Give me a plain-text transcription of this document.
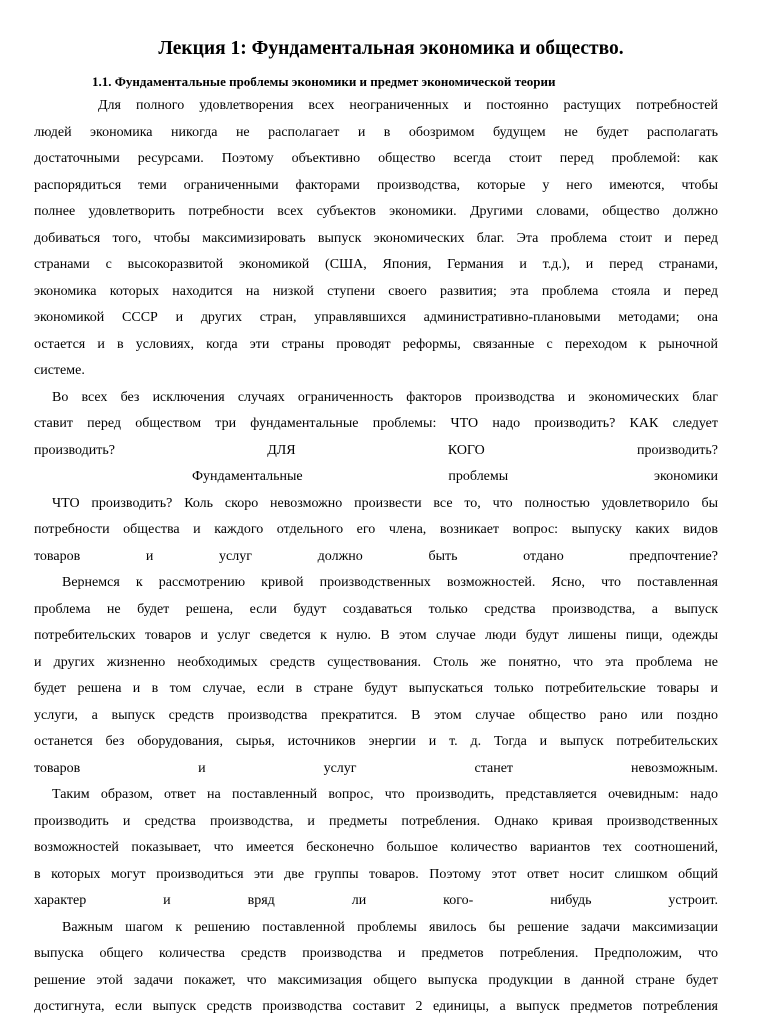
Лекция 1: Фундаментальная экономика и общество.
1.1. Фундаментальные проблемы экономики и предмет экономической теории
Для полного удовлетворения всех неограниченных и постоянно растущих потребностей
людей экономика никогда не располагает и в обозримом будущем не будет располагать
достаточными ресурсами. Поэтому объективно общество всегда стоит перед проблемой: как
распорядиться теми ограниченными факторами производства, которые у него имеются, чтобы
полнее удовлетворить потребности всех субъектов экономики. Другими словами, общество должно
добиваться того, чтобы максимизировать выпуск экономических благ. Эта проблема стоит и перед
странами с высокоразвитой экономикой (США, Япония, Германия и т.д.), и перед странами,
экономика которых находится на низкой ступени своего развития; эта проблема стояла и перед
экономикой СССР и других стран, управлявшихся административно-плановыми методами; она
остается и в условиях, когда эти страны проводят реформы, связанные с переходом к рыночной
системе.
Во всех без исключения случаях ограниченность факторов производства и экономических благ
ставит перед обществом три фундаментальные проблемы: ЧТО надо производить? КАК следует
производить? ДЛЯ КОГО производить?
Фундаментальные проблемы экономики
ЧТО производить? Коль скоро невозможно произвести все то, что полностью удовлетворило бы
потребности общества и каждого отдельного его члена, возникает вопрос: выпуску каких видов
товаров и услуг должно быть отдано предпочтение?
Вернемся к рассмотрению кривой производственных возможностей. Ясно, что поставленная
проблема не будет решена, если будут создаваться только средства производства, а выпуск
потребительских товаров и услуг сведется к нулю. В этом случае люди будут лишены пищи, одежды
и других жизненно необходимых средств существования. Столь же понятно, что эта проблема не
будет решена и в том случае, если в стране будут выпускаться только потребительские товары и
услуги, а выпуск средств производства прекратится. В этом случае общество рано или поздно
останется без оборудования, сырья, источников энергии и т. д. Тогда и выпуск потребительских
товаров и услуг станет невозможным.
Таким образом, ответ на поставленный вопрос, что производить, представляется очевидным: надо
производить и средства производства, и предметы потребления. Однако кривая производственных
возможностей показывает, что имеется бесконечно большое количество вариантов тех соотношений,
в которых могут производиться эти две группы товаров. Поэтому этот ответ носит слишком общий
характер и вряд ли кого- нибудь устроит.
Важным шагом к решению поставленной проблемы явилось бы решение задачи максимизации
выпуска общего количества средств производства и предметов потребления. Предположим, что
решение этой задачи покажет, что максимизация общего выпуска продукции в данной стране будет
достигнута, если выпуск средств производства составит 2 единицы, а выпуск предметов потребления
